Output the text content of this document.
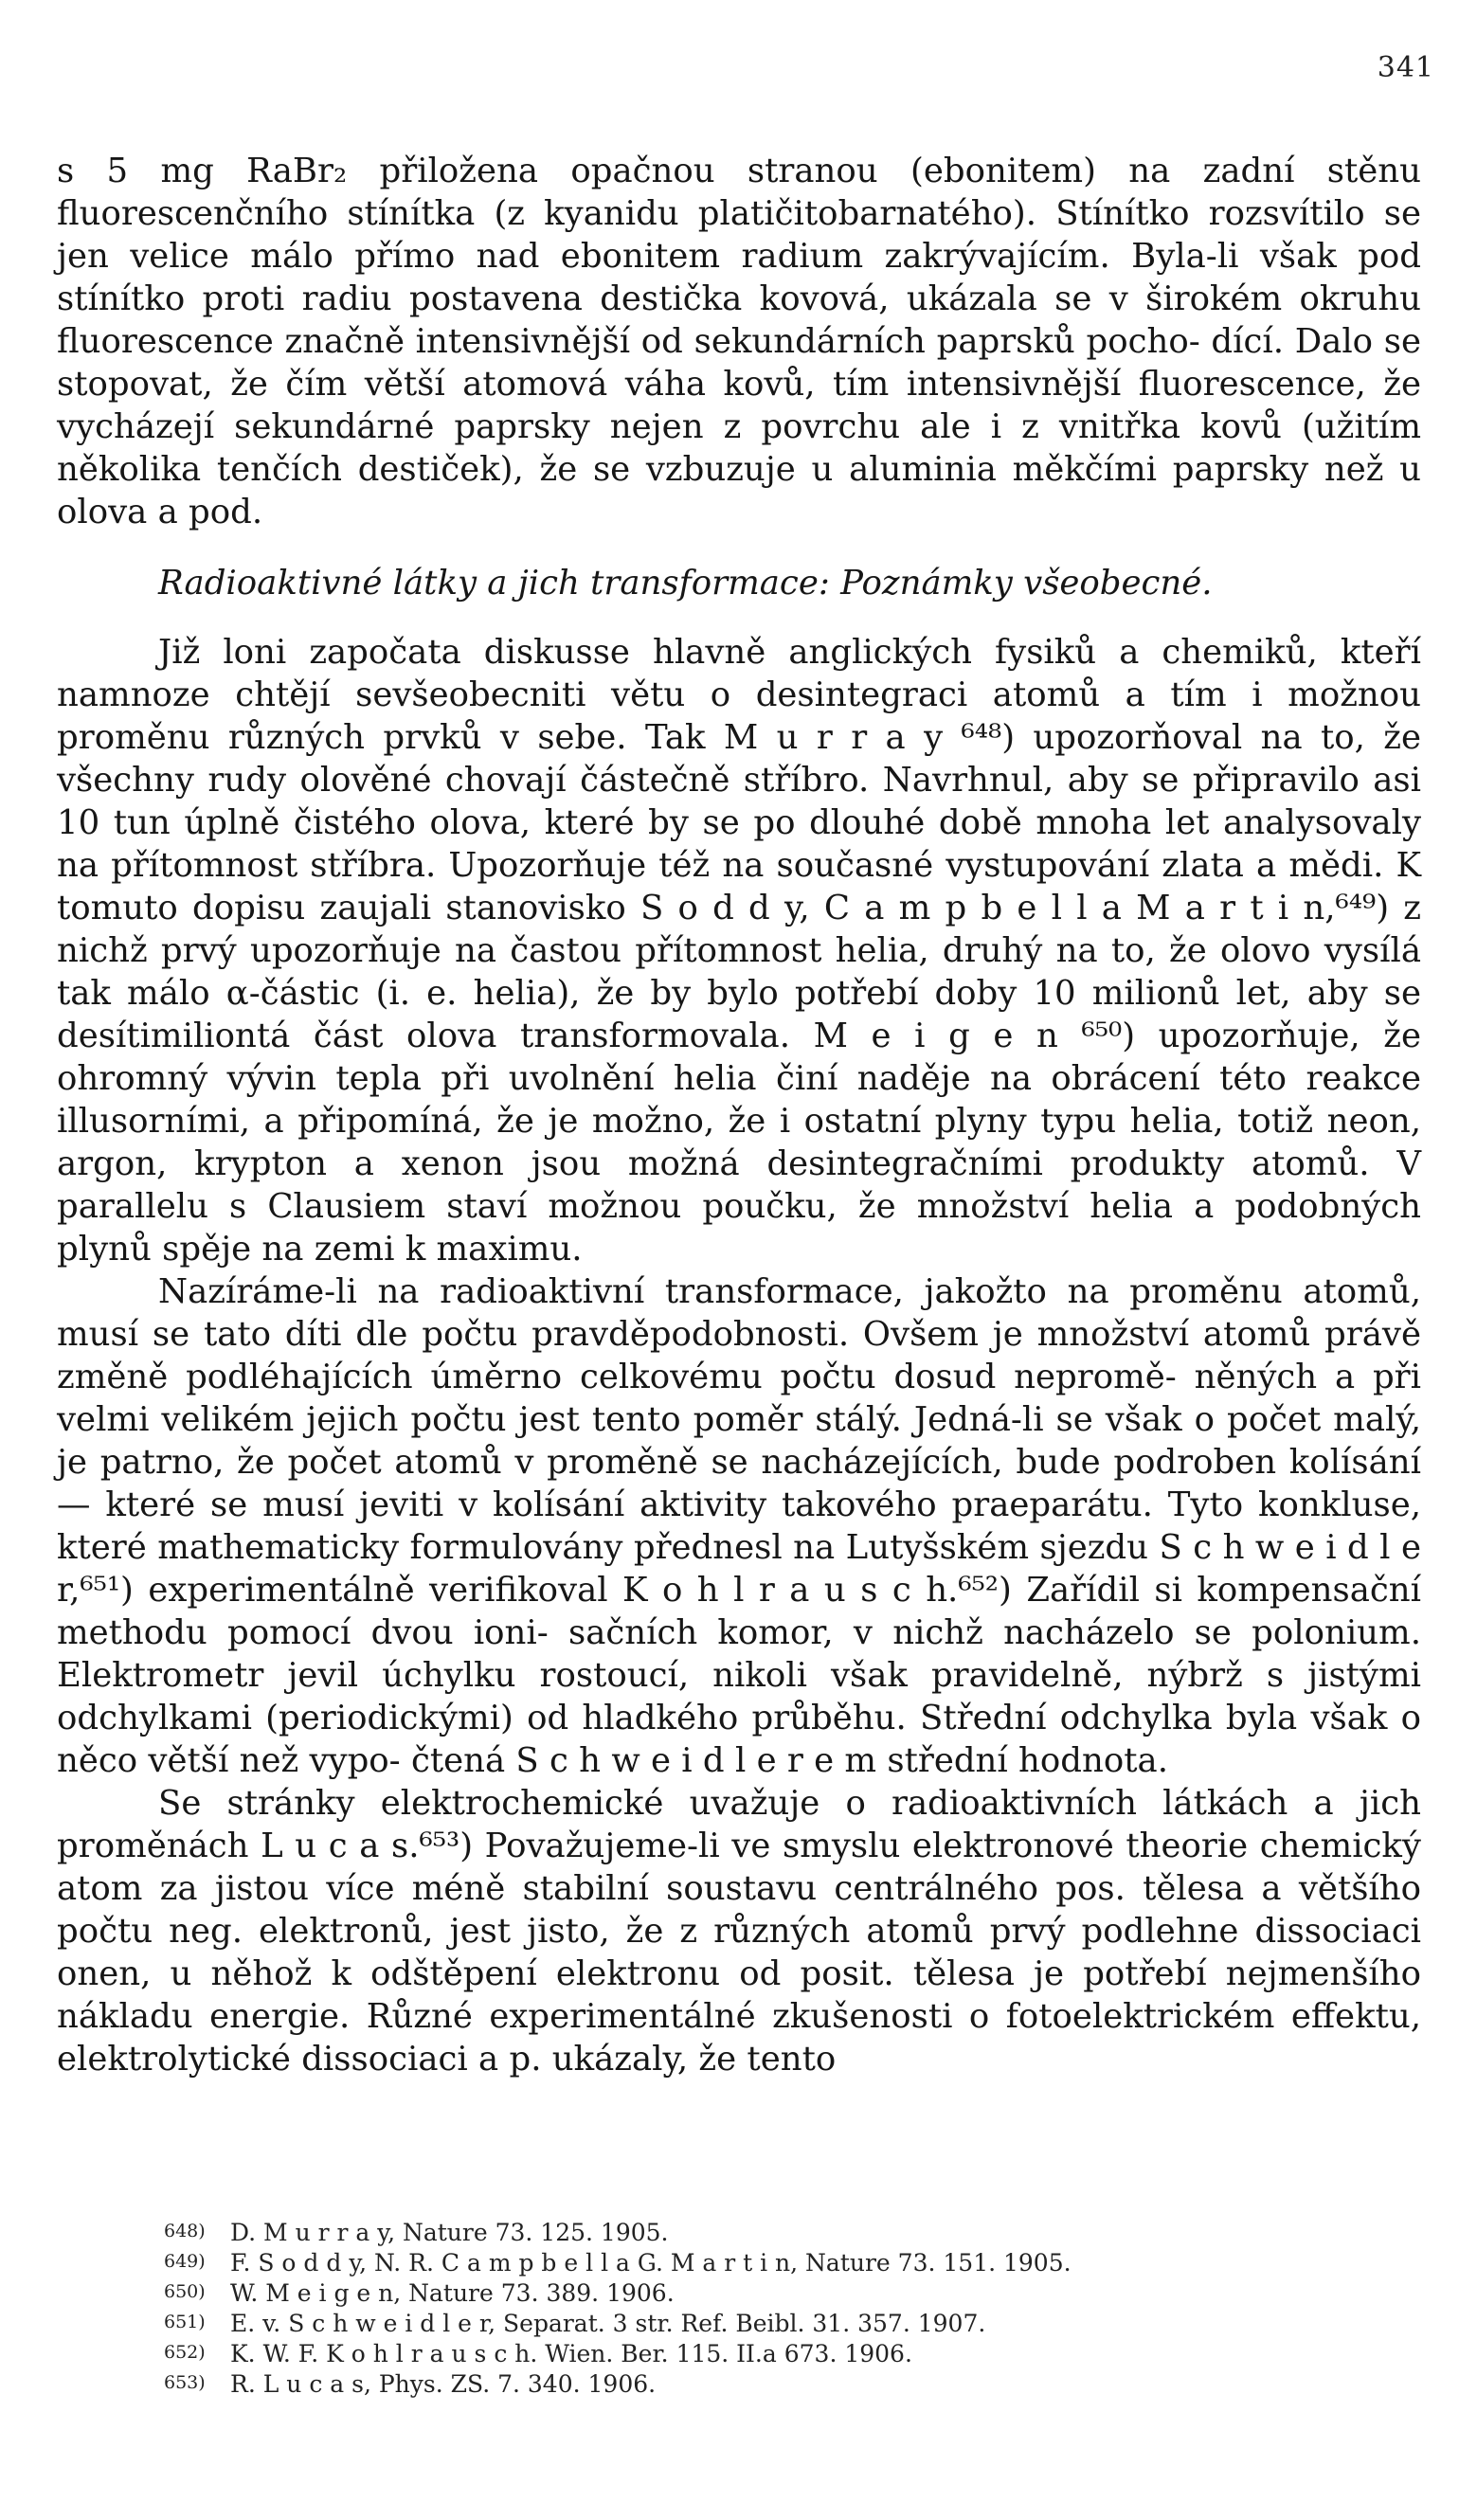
341

s 5 mg RaBr₂ přiložena opačnou stranou (ebonitem) na zadní stěnu fluorescenčního stínítka (z kyanidu platičitobarnatého). Stínítko rozsvítilo se jen velice málo přímo nad ebonitem radium zakrývajícím. Byla-li však pod stínítko proti radiu postavena destička kovová, ukázala se v širokém okruhu fluorescence značně intensivnější od sekundárních paprsků pocho- dící. Dalo se stopovat, že čím větší atomová váha kovů, tím intensivnější fluorescence, že vycházejí sekundárné paprsky nejen z povrchu ale i z vnitřka kovů (užitím několika tenčích destiček), že se vzbuzuje u aluminia měkčími paprsky než u olova a pod.

Radioaktivné látky a jich transformace: Poznámky všeobecné.

Již loni započata diskusse hlavně anglických fysiků a chemiků, kteří namnoze chtějí sevšeobecniti větu o desintegraci atomů a tím i možnou proměnu různých prvků v sebe. Tak M u r r a y ⁶⁴⁸) upozorňoval na to, že všechny rudy olověné chovají částečně stříbro. Navrhnul, aby se připravilo asi 10 tun úplně čistého olova, které by se po dlouhé době mnoha let analysovaly na přítomnost stříbra. Upozorňuje též na současné vystupování zlata a mědi. K tomuto dopisu zaujali stanovisko S o d d y, C a m p b e l l a M a r t i n,⁶⁴⁹) z nichž prvý upozorňuje na častou přítomnost helia, druhý na to, že olovo vysílá tak málo α-částic (i. e. helia), že by bylo potřebí doby 10 milionů let, aby se desítimiliontá část olova transformovala. M e i g e n ⁶⁵⁰) upozorňuje, že ohromný vývin tepla při uvolnění helia činí naděje na obrácení této reakce illusorními, a připomíná, že je možno, že i ostatní plyny typu helia, totiž neon, argon, krypton a xenon jsou možná desintegračními produkty atomů. V parallelu s Clausiem staví možnou poučku, že množství helia a podobných plynů spěje na zemi k maximu.

Nazíráme-li na radioaktivní transformace, jakožto na proměnu atomů, musí se tato díti dle počtu pravděpodobnosti. Ovšem je množství atomů právě změně podléhajících úměrno celkovému počtu dosud nepromě- něných a při velmi velikém jejich počtu jest tento poměr stálý. Jedná-li se však o počet malý, je patrno, že počet atomů v proměně se nacházejících, bude podroben kolísání — které se musí jeviti v kolísání aktivity takového praeparátu. Tyto konkluse, které mathematicky formulovány přednesl na Lutyšském sjezdu S c h w e i d l e r,⁶⁵¹) experimentálně verifikoval K o h l r a u s c h.⁶⁵²) Zařídil si kompensační methodu pomocí dvou ioni- sačních komor, v nichž nacházelo se polonium. Elektrometr jevil úchylku rostoucí, nikoli však pravidelně, nýbrž s jistými odchylkami (periodickými) od hladkého průběhu. Střední odchylka byla však o něco větší než vypo- čtená S c h w e i d l e r e m střední hodnota.

Se stránky elektrochemické uvažuje o radioaktivních látkách a jich proměnách L u c a s.⁶⁵³) Považujeme-li ve smyslu elektronové theorie chemický atom za jistou více méně stabilní soustavu centrálného pos. tělesa a většího počtu neg. elektronů, jest jisto, že z různých atomů prvý podlehne dissociaci onen, u něhož k odštěpení elektronu od posit. tělesa je potřebí nejmenšího nákladu energie. Různé experimentálné zkušenosti o fotoelektrickém effektu, elektrolytické dissociaci a p. ukázaly, že tento

648) D. M u r r a y, Nature 73. 125. 1905.

649) F. S o d d y, N. R. C a m p b e l l a G. M a r t i n, Nature 73. 151. 1905.

650) W. M e i g e n, Nature 73. 389. 1906.

651) E. v. S c h w e i d l e r, Separat. 3 str. Ref. Beibl. 31. 357. 1907.

652) K. W. F. K o h l r a u s c h. Wien. Ber. 115. II.a 673. 1906.

653) R. L u c a s, Phys. ZS. 7. 340. 1906.
